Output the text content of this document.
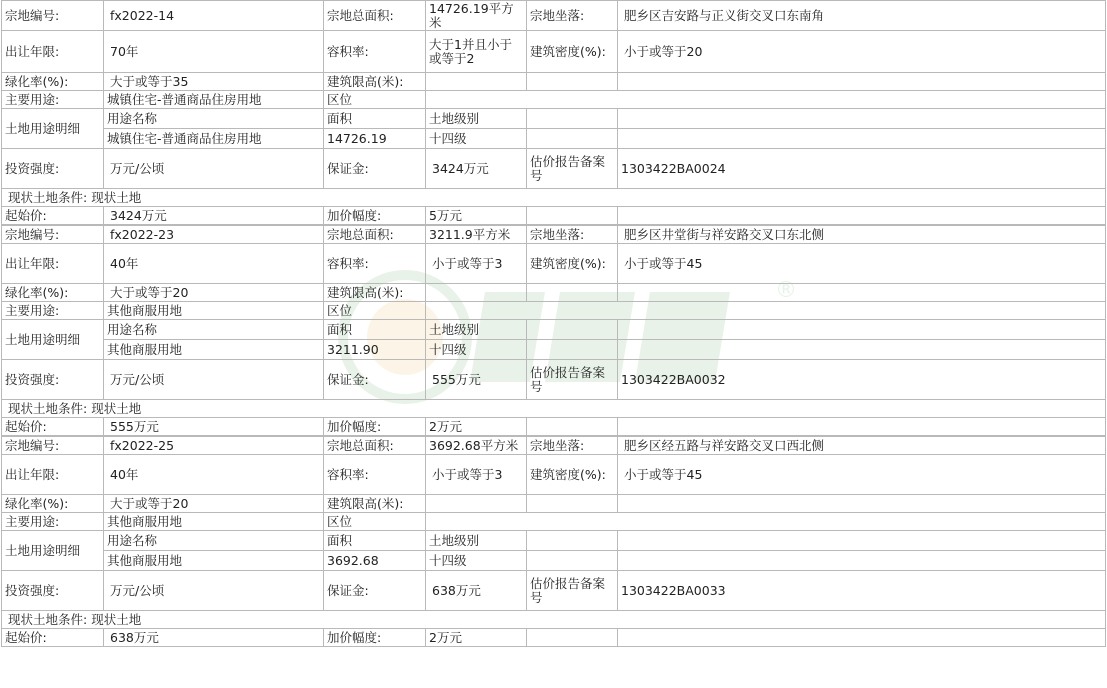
®
宗地编号:	fx2022-14	宗地总面积:	14726.19平方米	宗地坐落:	肥乡区吉安路与正义街交叉口东南角
出让年限:	70年	容积率:	大于1并且小于或等于2	建筑密度(%):	小于或等于20
绿化率(%):	大于或等于35	建筑限高(米):			
主要用途:	城镇住宅-普通商品住房用地	区位			
土地用途明细	用途名称	面积	土地级别		
	城镇住宅-普通商品住房用地	14726.19	十四级		
投资强度:	万元/公顷	保证金:	3424万元	估价报告备案号	1303422BA0024
现状土地条件: 现状土地					
起始价:	3424万元	加价幅度:	5万元		
宗地编号:	fx2022-23	宗地总面积:	3211.9平方米	宗地坐落:	肥乡区井堂街与祥安路交叉口东北侧
出让年限:	40年	容积率:	小于或等于3	建筑密度(%):	小于或等于45
绿化率(%):	大于或等于20	建筑限高(米):			
主要用途:	其他商服用地	区位			
土地用途明细	用途名称	面积	土地级别		
	其他商服用地	3211.90	十四级		
投资强度:	万元/公顷	保证金:	555万元	估价报告备案号	1303422BA0032
现状土地条件: 现状土地					
起始价:	555万元	加价幅度:	2万元		
宗地编号:	fx2022-25	宗地总面积:	3692.68平方米	宗地坐落:	肥乡区经五路与祥安路交叉口西北侧
出让年限:	40年	容积率:	小于或等于3	建筑密度(%):	小于或等于45
绿化率(%):	大于或等于20	建筑限高(米):			
主要用途:	其他商服用地	区位			
土地用途明细	用途名称	面积	土地级别		
	其他商服用地	3692.68	十四级		
投资强度:	万元/公顷	保证金:	638万元	估价报告备案号	1303422BA0033
现状土地条件: 现状土地					
起始价:	638万元	加价幅度:	2万元		
